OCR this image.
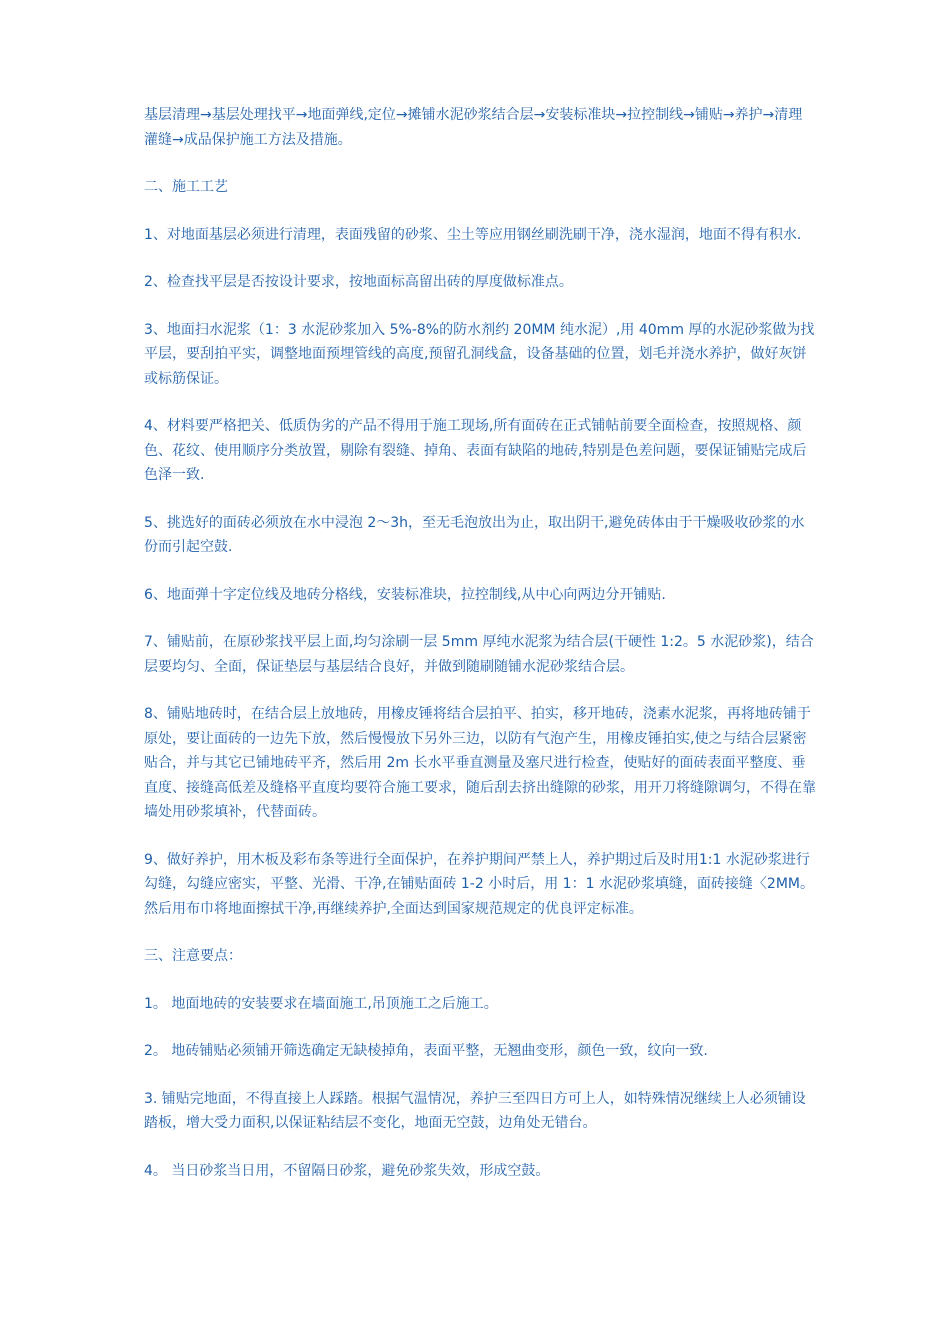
基层清理→基层处理找平→地面弹线,定位→摊铺水泥砂浆结合层→安装标准块→拉控制线→铺贴→养护→清理灌缝→成品保护施工方法及措施。

二、施工工艺

1、对地面基层必须进行清理，表面残留的砂浆、尘土等应用钢丝刷洗刷干净，浇水湿润，地面不得有积水.

2、检查找平层是否按设计要求，按地面标高留出砖的厚度做标准点。

3、地面扫水泥浆（1：3 水泥砂浆加入 5%-8%的防水剂约 20MM 纯水泥）,用 40mm 厚的水泥砂浆做为找平层，要刮拍平实，调整地面预埋管线的高度,预留孔洞线盒，设备基础的位置，划毛并浇水养护，做好灰饼或标筋保证。

4、材料要严格把关、低质伪劣的产品不得用于施工现场,所有面砖在正式铺帖前要全面检查，按照规格、颜色、花纹、使用顺序分类放置，剔除有裂缝、掉角、表面有缺陷的地砖,特别是色差问题，要保证铺贴完成后色泽一致.

5、挑选好的面砖必须放在水中浸泡 2～3h，至无毛泡放出为止，取出阴干,避免砖体由于干燥吸收砂浆的水份而引起空鼓.

6、地面弹十字定位线及地砖分格线，安装标准块，拉控制线,从中心向两边分开铺贴.

7、铺贴前，在原砂浆找平层上面,均匀涂刷一层 5mm 厚纯水泥浆为结合层(干硬性 1:2。5 水泥砂浆)，结合层要均匀、全面，保证垫层与基层结合良好，并做到随刷随铺水泥砂浆结合层。

8、铺贴地砖时，在结合层上放地砖，用橡皮锤将结合层拍平、拍实，移开地砖，浇素水泥浆，再将地砖铺于原处，要让面砖的一边先下放，然后慢慢放下另外三边，以防有气泡产生，用橡皮锤拍实,使之与结合层紧密贴合，并与其它已铺地砖平齐，然后用 2m 长水平垂直测量及塞尺进行检查，使贴好的面砖表面平整度、垂直度、接缝高低差及缝格平直度均要符合施工要求，随后刮去挤出缝隙的砂浆，用开刀将缝隙调匀，不得在靠墙处用砂浆填补，代替面砖。

9、做好养护，用木板及彩布条等进行全面保护，在养护期间严禁上人，养护期过后及时用1:1 水泥砂浆进行勾缝，勾缝应密实，平整、光滑、干净,在铺贴面砖 1-2 小时后，用 1：1 水泥砂浆填缝，面砖接缝〈2MM。然后用布巾将地面擦拭干净,再继续养护,全面达到国家规范规定的优良评定标准。

三、注意要点：

1。 地面地砖的安装要求在墙面施工,吊顶施工之后施工。

2。 地砖铺贴必须铺开筛选确定无缺棱掉角，表面平整，无翘曲变形，颜色一致，纹向一致.

3. 铺贴完地面，不得直接上人踩踏。根据气温情况，养护三至四日方可上人，如特殊情况继续上人必须铺设踏板，增大受力面积,以保证粘结层不变化，地面无空鼓，边角处无错台。

4。 当日砂浆当日用，不留隔日砂浆，避免砂浆失效，形成空鼓。
